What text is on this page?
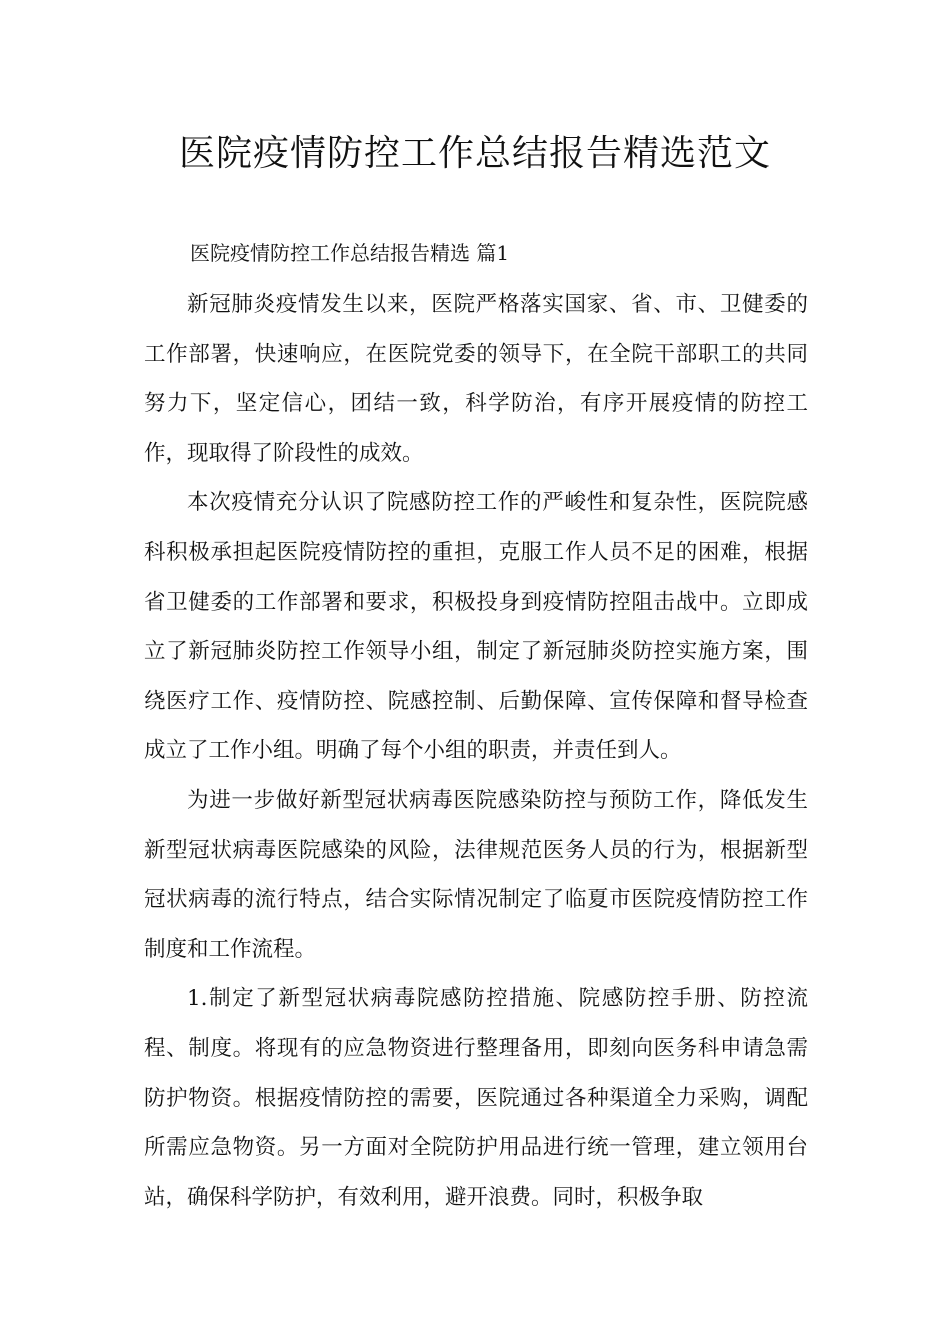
医院疫情防控工作总结报告精选范文

医院疫情防控工作总结报告精选 篇1

新冠肺炎疫情发生以来，医院严格落实国家、省、市、卫健委的工作部署，快速响应，在医院党委的领导下，在全院干部职工的共同努力下，坚定信心，团结一致，科学防治，有序开展疫情的防控工作，现取得了阶段性的成效。

本次疫情充分认识了院感防控工作的严峻性和复杂性，医院院感科积极承担起医院疫情防控的重担，克服工作人员不足的困难，根据省卫健委的工作部署和要求，积极投身到疫情防控阻击战中。立即成立了新冠肺炎防控工作领导小组，制定了新冠肺炎防控实施方案，围绕医疗工作、疫情防控、院感控制、后勤保障、宣传保障和督导检查成立了工作小组。明确了每个小组的职责，并责任到人。

为进一步做好新型冠状病毒医院感染防控与预防工作，降低发生新型冠状病毒医院感染的风险，法律规范医务人员的行为，根据新型冠状病毒的流行特点，结合实际情况制定了临夏市医院疫情防控工作制度和工作流程。

1.制定了新型冠状病毒院感防控措施、院感防控手册、防控流程、制度。将现有的应急物资进行整理备用，即刻向医务科申请急需防护物资。根据疫情防控的需要，医院通过各种渠道全力采购，调配所需应急物资。另一方面对全院防护用品进行统一管理，建立领用台站，确保科学防护，有效利用，避开浪费。同时，积极争取
